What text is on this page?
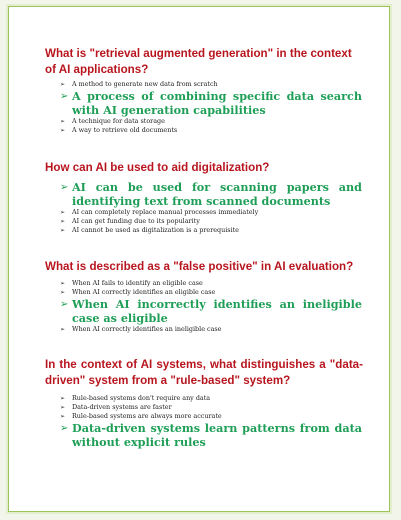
What is "retrieval augmented generation" in the context of AI applications?
➢ A method to generate new data from scratch
➢ A process of combining specific data search with AI generation capabilities
➢ A technique for data storage
➢ A way to retrieve old documents
How can AI be used to aid digitalization?
➢ AI can be used for scanning papers and identifying text from scanned documents
➢ AI can completely replace manual processes immediately
➢ AI can get funding due to its popularity
➢ AI cannot be used as digitalization is a prerequisite
What is described as a "false positive" in AI evaluation?
➢ When AI fails to identify an eligible case
➢ When AI correctly identifies an eligible case
➢ When AI incorrectly identifies an ineligible case as eligible
➢ When AI correctly identifies an ineligible case
In the context of AI systems, what distinguishes a "data-driven" system from a "rule-based" system?
➢ Rule-based systems don't require any data
➢ Data-driven systems are faster
➢ Rule-based systems are always more accurate
➢ Data-driven systems learn patterns from data without explicit rules
